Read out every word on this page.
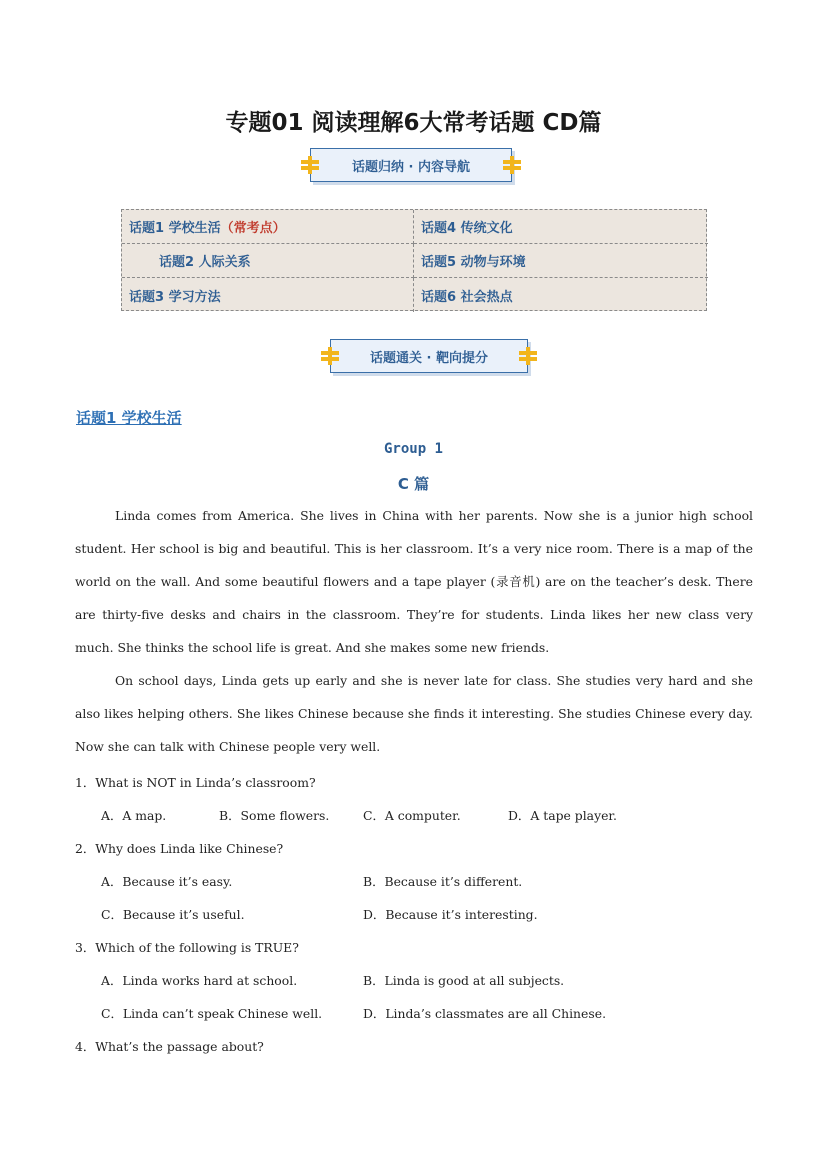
专题01 阅读理解6大常考话题 CD篇
话题归纳 · 内容导航
话题1 学校生活 （常考点）	话题4 传统文化
话题2 人际关系	话题5 动物与环境
话题3 学习方法	话题6 社会热点
话题通关 · 靶向提分
话题1 学校生活
Group 1
C 篇

Linda comes from America. She lives in China with her parents. Now she is a junior high school student. Her school is big and beautiful. This is her classroom. It’s a very nice room. There is a map of the world on the wall. And some beautiful flowers and a tape player (录音机) are on the teacher’s desk. There are thirty-five desks and chairs in the classroom. They’re for students. Linda likes her new class very much. She thinks the school life is great. And she makes some new friends.

On school days, Linda gets up early and she is never late for class. She studies very hard and she also likes helping others. She likes Chinese because she finds it interesting. She studies Chinese every day. Now she can talk with Chinese people very well.

1．What is NOT in Linda’s classroom?
A．A map.	B．Some flowers.	C．A computer.	D．A tape player.
2．Why does Linda like Chinese?
A．Because it’s easy.	B．Because it’s different.
C．Because it’s useful.	D．Because it’s interesting.
3．Which of the following is TRUE?
A．Linda works hard at school.	B．Linda is good at all subjects.
C．Linda can’t speak Chinese well.	D．Linda’s classmates are all Chinese.
4．What’s the passage about?
